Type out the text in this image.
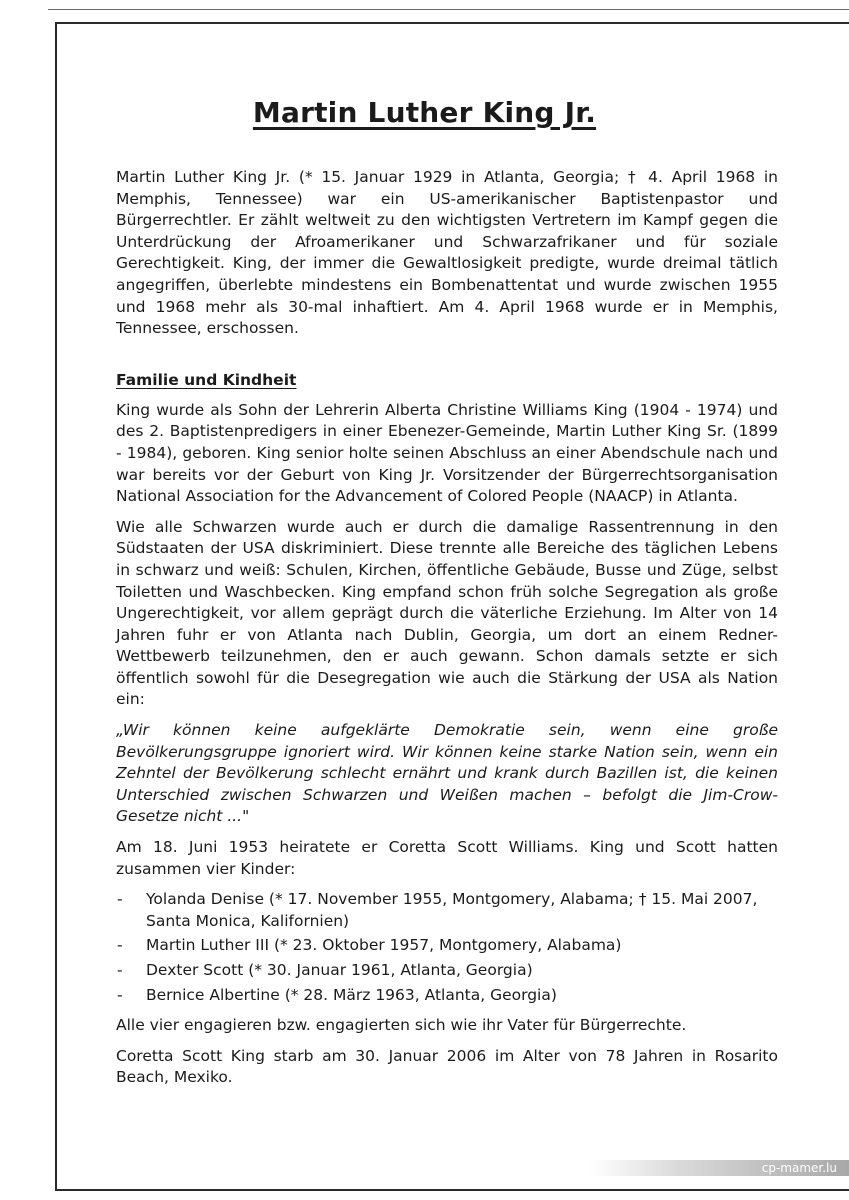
Martin Luther King Jr.

Martin Luther King Jr. (* 15. Januar 1929 in Atlanta, Georgia; † 4. April 1968 in Memphis, Tennessee) war ein US-amerikanischer Baptistenpastor und Bürgerrechtler. Er zählt weltweit zu den wichtigsten Vertretern im Kampf gegen die Unterdrückung der Afroamerikaner und Schwarzafrikaner und für soziale Gerechtigkeit. King, der immer die Gewaltlosigkeit predigte, wurde dreimal tätlich angegriffen, überlebte mindestens ein Bombenattentat und wurde zwischen 1955 und 1968 mehr als 30-mal inhaftiert. Am 4. April 1968 wurde er in Memphis, Tennessee, erschossen.

Familie und Kindheit

King wurde als Sohn der Lehrerin Alberta Christine Williams King (1904 - 1974) und des 2. Baptistenpredigers in einer Ebenezer-Gemeinde, Martin Luther King Sr. (1899 - 1984), geboren. King senior holte seinen Abschluss an einer Abendschule nach und war bereits vor der Geburt von King Jr. Vorsitzender der Bürgerrechtsorganisation National Association for the Advancement of Colored People (NAACP) in Atlanta.

Wie alle Schwarzen wurde auch er durch die damalige Rassentrennung in den Südstaaten der USA diskriminiert. Diese trennte alle Bereiche des täglichen Lebens in schwarz und weiß: Schulen, Kirchen, öffentliche Gebäude, Busse und Züge, selbst Toiletten und Waschbecken. King empfand schon früh solche Segregation als große Ungerechtigkeit, vor allem geprägt durch die väterliche Erziehung. Im Alter von 14 Jahren fuhr er von Atlanta nach Dublin, Georgia, um dort an einem Redner-Wettbewerb teilzunehmen, den er auch gewann. Schon damals setzte er sich öffentlich sowohl für die Desegregation wie auch die Stärkung der USA als Nation ein:

„Wir können keine aufgeklärte Demokratie sein, wenn eine große Bevölkerungsgruppe ignoriert wird. Wir können keine starke Nation sein, wenn ein Zehntel der Bevölkerung schlecht ernährt und krank durch Bazillen ist, die keinen Unterschied zwischen Schwarzen und Weißen machen – befolgt die Jim-Crow-Gesetze nicht ..."

Am 18. Juni 1953 heiratete er Coretta Scott Williams. King und Scott hatten zusammen vier Kinder:

- Yolanda Denise (* 17. November 1955, Montgomery, Alabama; † 15. Mai 2007, Santa Monica, Kalifornien)
- Martin Luther III (* 23. Oktober 1957, Montgomery, Alabama)
- Dexter Scott (* 30. Januar 1961, Atlanta, Georgia)
- Bernice Albertine (* 28. März 1963, Atlanta, Georgia)

Alle vier engagieren bzw. engagierten sich wie ihr Vater für Bürgerrechte.

Coretta Scott King starb am 30. Januar 2006 im Alter von 78 Jahren in Rosarito Beach, Mexiko.

cp-mamer.lu
